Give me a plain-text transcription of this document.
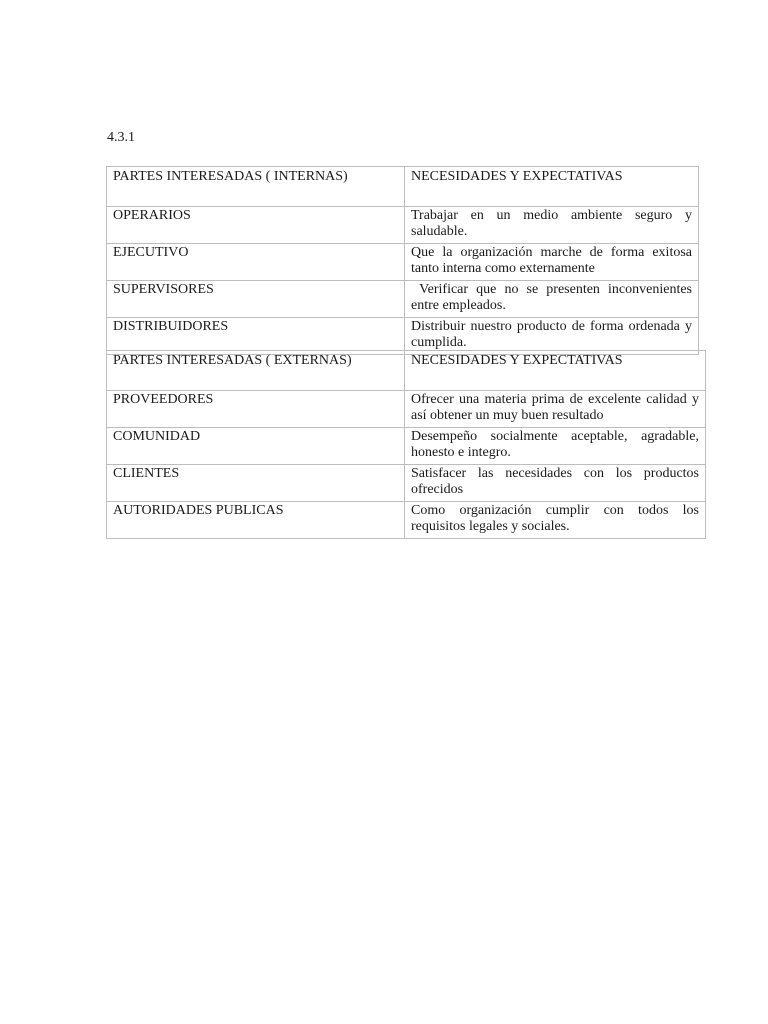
4.3.1
PARTES INTERESADAS ( INTERNAS)	NECESIDADES Y EXPECTATIVAS
OPERARIOS	Trabajar en un medio ambiente seguro y saludable.
EJECUTIVO	Que la organización marche de forma exitosa tanto interna como externamente
SUPERVISORES	Verificar que no se presenten inconvenientes entre empleados.
DISTRIBUIDORES	Distribuir nuestro producto de forma ordenada y cumplida.
PARTES INTERESADAS ( EXTERNAS)	NECESIDADES Y EXPECTATIVAS
PROVEEDORES	Ofrecer una materia prima de excelente calidad y así obtener un muy buen resultado
COMUNIDAD	Desempeño socialmente aceptable, agradable, honesto e integro.
CLIENTES	Satisfacer las necesidades con los productos ofrecidos
AUTORIDADES PUBLICAS	Como organización cumplir con todos los requisitos legales y sociales.
